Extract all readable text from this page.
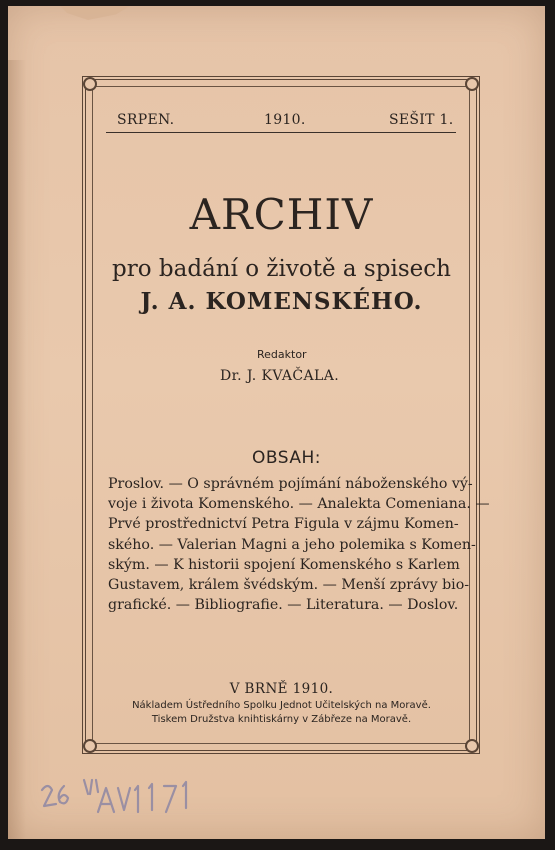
SRPEN.	1910.	SEŠIT 1.
ARCHIV
pro badání o životě a spisech
J. A. KOMENSKÉHO.
Redaktor
Dr. J. KVAČALA.
OBSAH:
Proslov. — O správném pojímání náboženského vý-
voje i života Komenského. — Analekta Comeniana. —
Prvé prostřednictví Petra Figula v zájmu Komen-
ského. — Valerian Magni a jeho polemika s Komen-
ským. — K historii spojení Komenského s Karlem
Gustavem, králem švédským. — Menší zprávy bio-
grafické. — Bibliografie. — Literatura. — Doslov.
V BRNĚ 1910.
Nákladem Ústředního Spolku Jednot Učitelských na Moravě.
Tiskem Družstva knihtiskárny v Zábřeze na Moravě.
